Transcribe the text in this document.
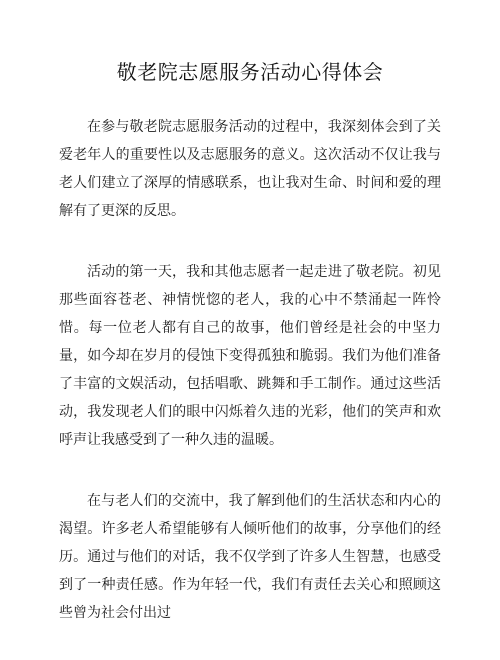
敬老院志愿服务活动心得体会

在参与敬老院志愿服务活动的过程中，我深刻体会到了关爱老年人的重要性以及志愿服务的意义。这次活动不仅让我与老人们建立了深厚的情感联系，也让我对生命、时间和爱的理解有了更深的反思。

活动的第一天，我和其他志愿者一起走进了敬老院。初见那些面容苍老、神情恍惚的老人，我的心中不禁涌起一阵怜惜。每一位老人都有自己的故事，他们曾经是社会的中坚力量，如今却在岁月的侵蚀下变得孤独和脆弱。我们为他们准备了丰富的文娱活动，包括唱歌、跳舞和手工制作。通过这些活动，我发现老人们的眼中闪烁着久违的光彩，他们的笑声和欢呼声让我感受到了一种久违的温暖。

在与老人们的交流中，我了解到他们的生活状态和内心的渴望。许多老人希望能够有人倾听他们的故事，分享他们的经历。通过与他们的对话，我不仅学到了许多人生智慧，也感受到了一种责任感。作为年轻一代，我们有责任去关心和照顾这些曾为社会付出过
